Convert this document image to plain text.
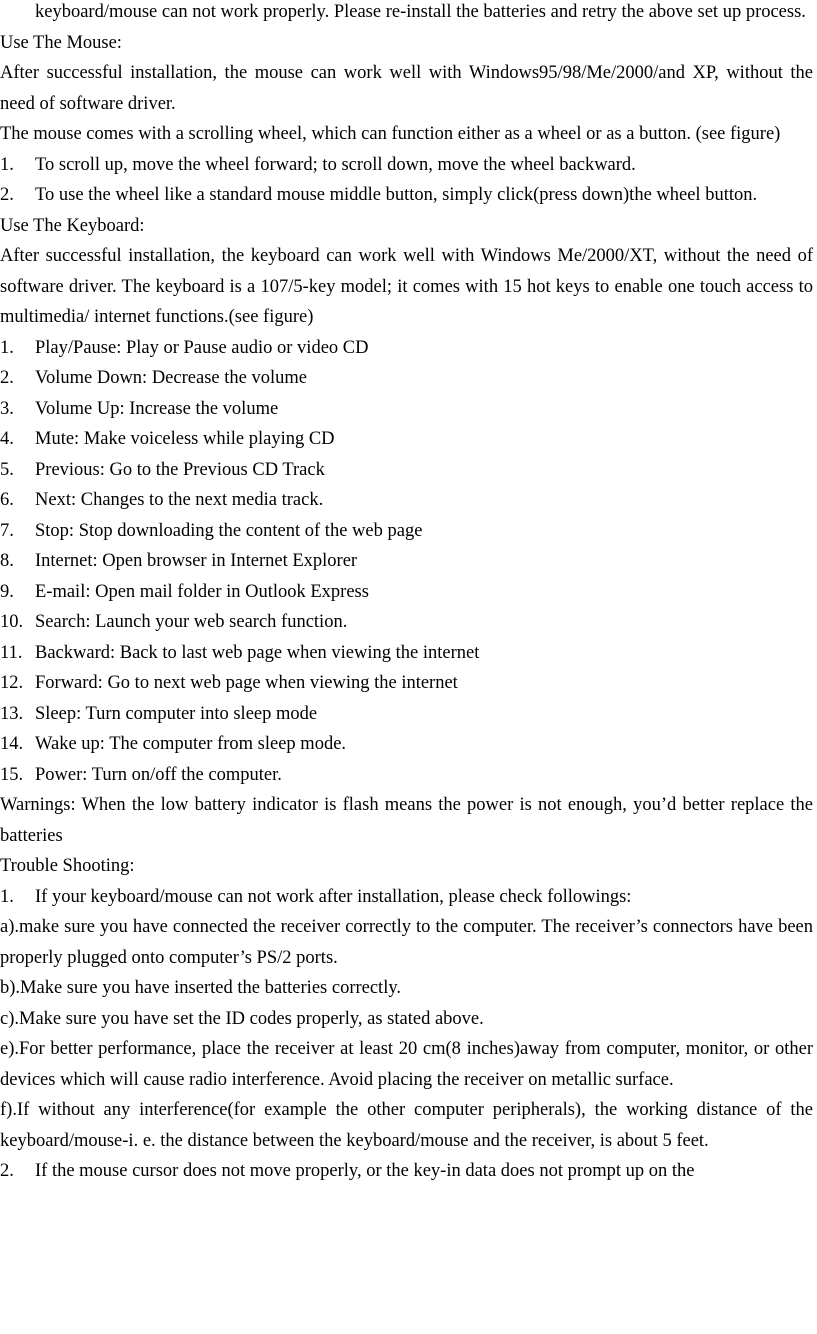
keyboard/mouse can not work properly. Please re-install the batteries and retry the above set up process.

Use The Mouse:

After successful installation, the mouse can work well with Windows95/98/Me/2000/and XP, without the need of software driver.

The mouse comes with a scrolling wheel, which can function either as a wheel or as a button. (see figure)

1.	To scroll up, move the wheel forward; to scroll down, move the wheel backward.
2.	To use the wheel like a standard mouse middle button, simply click(press down)the wheel button.

Use The Keyboard:

After successful installation, the keyboard can work well with Windows Me/2000/XT, without the need of software driver. The keyboard is a 107/5-key model; it comes with 15 hot keys to enable one touch access to multimedia/ internet functions.(see figure)

1.	Play/Pause: Play or Pause audio or video CD
2.	Volume Down: Decrease the volume
3.	Volume Up: Increase the volume
4.	Mute: Make voiceless while playing CD
5.	Previous: Go to the Previous CD Track
6.	Next: Changes to the next media track.
7.	Stop: Stop downloading the content of the web page
8.	Internet: Open browser in Internet Explorer
9.	E-mail: Open mail folder in Outlook Express
10. Search: Launch your web search function.
11. Backward: Back to last web page when viewing the internet
12. Forward: Go to next web page when viewing the internet
13. Sleep: Turn computer into sleep mode
14. Wake up: The computer from sleep mode.
15. Power: Turn on/off the computer.

Warnings: When the low battery indicator is flash means the power is not enough, you’d better replace the batteries

Trouble Shooting:

1.	If your keyboard/mouse can not work after installation, please check followings:

a).make sure you have connected the receiver correctly to the computer. The receiver’s connectors have been properly plugged onto computer’s PS/2 ports.

b).Make sure you have inserted the batteries correctly.

c).Make sure you have set the ID codes properly, as stated above.

e).For better performance, place the receiver at least 20 cm(8 inches)away from computer, monitor, or other devices which will cause radio interference. Avoid placing the receiver on metallic surface.

f).If without any interference(for example the other computer peripherals), the working distance of the keyboard/mouse-i. e. the distance between the keyboard/mouse and the receiver, is about 5 feet.

2.	If the mouse cursor does not move properly, or the key-in data does not prompt up on the
